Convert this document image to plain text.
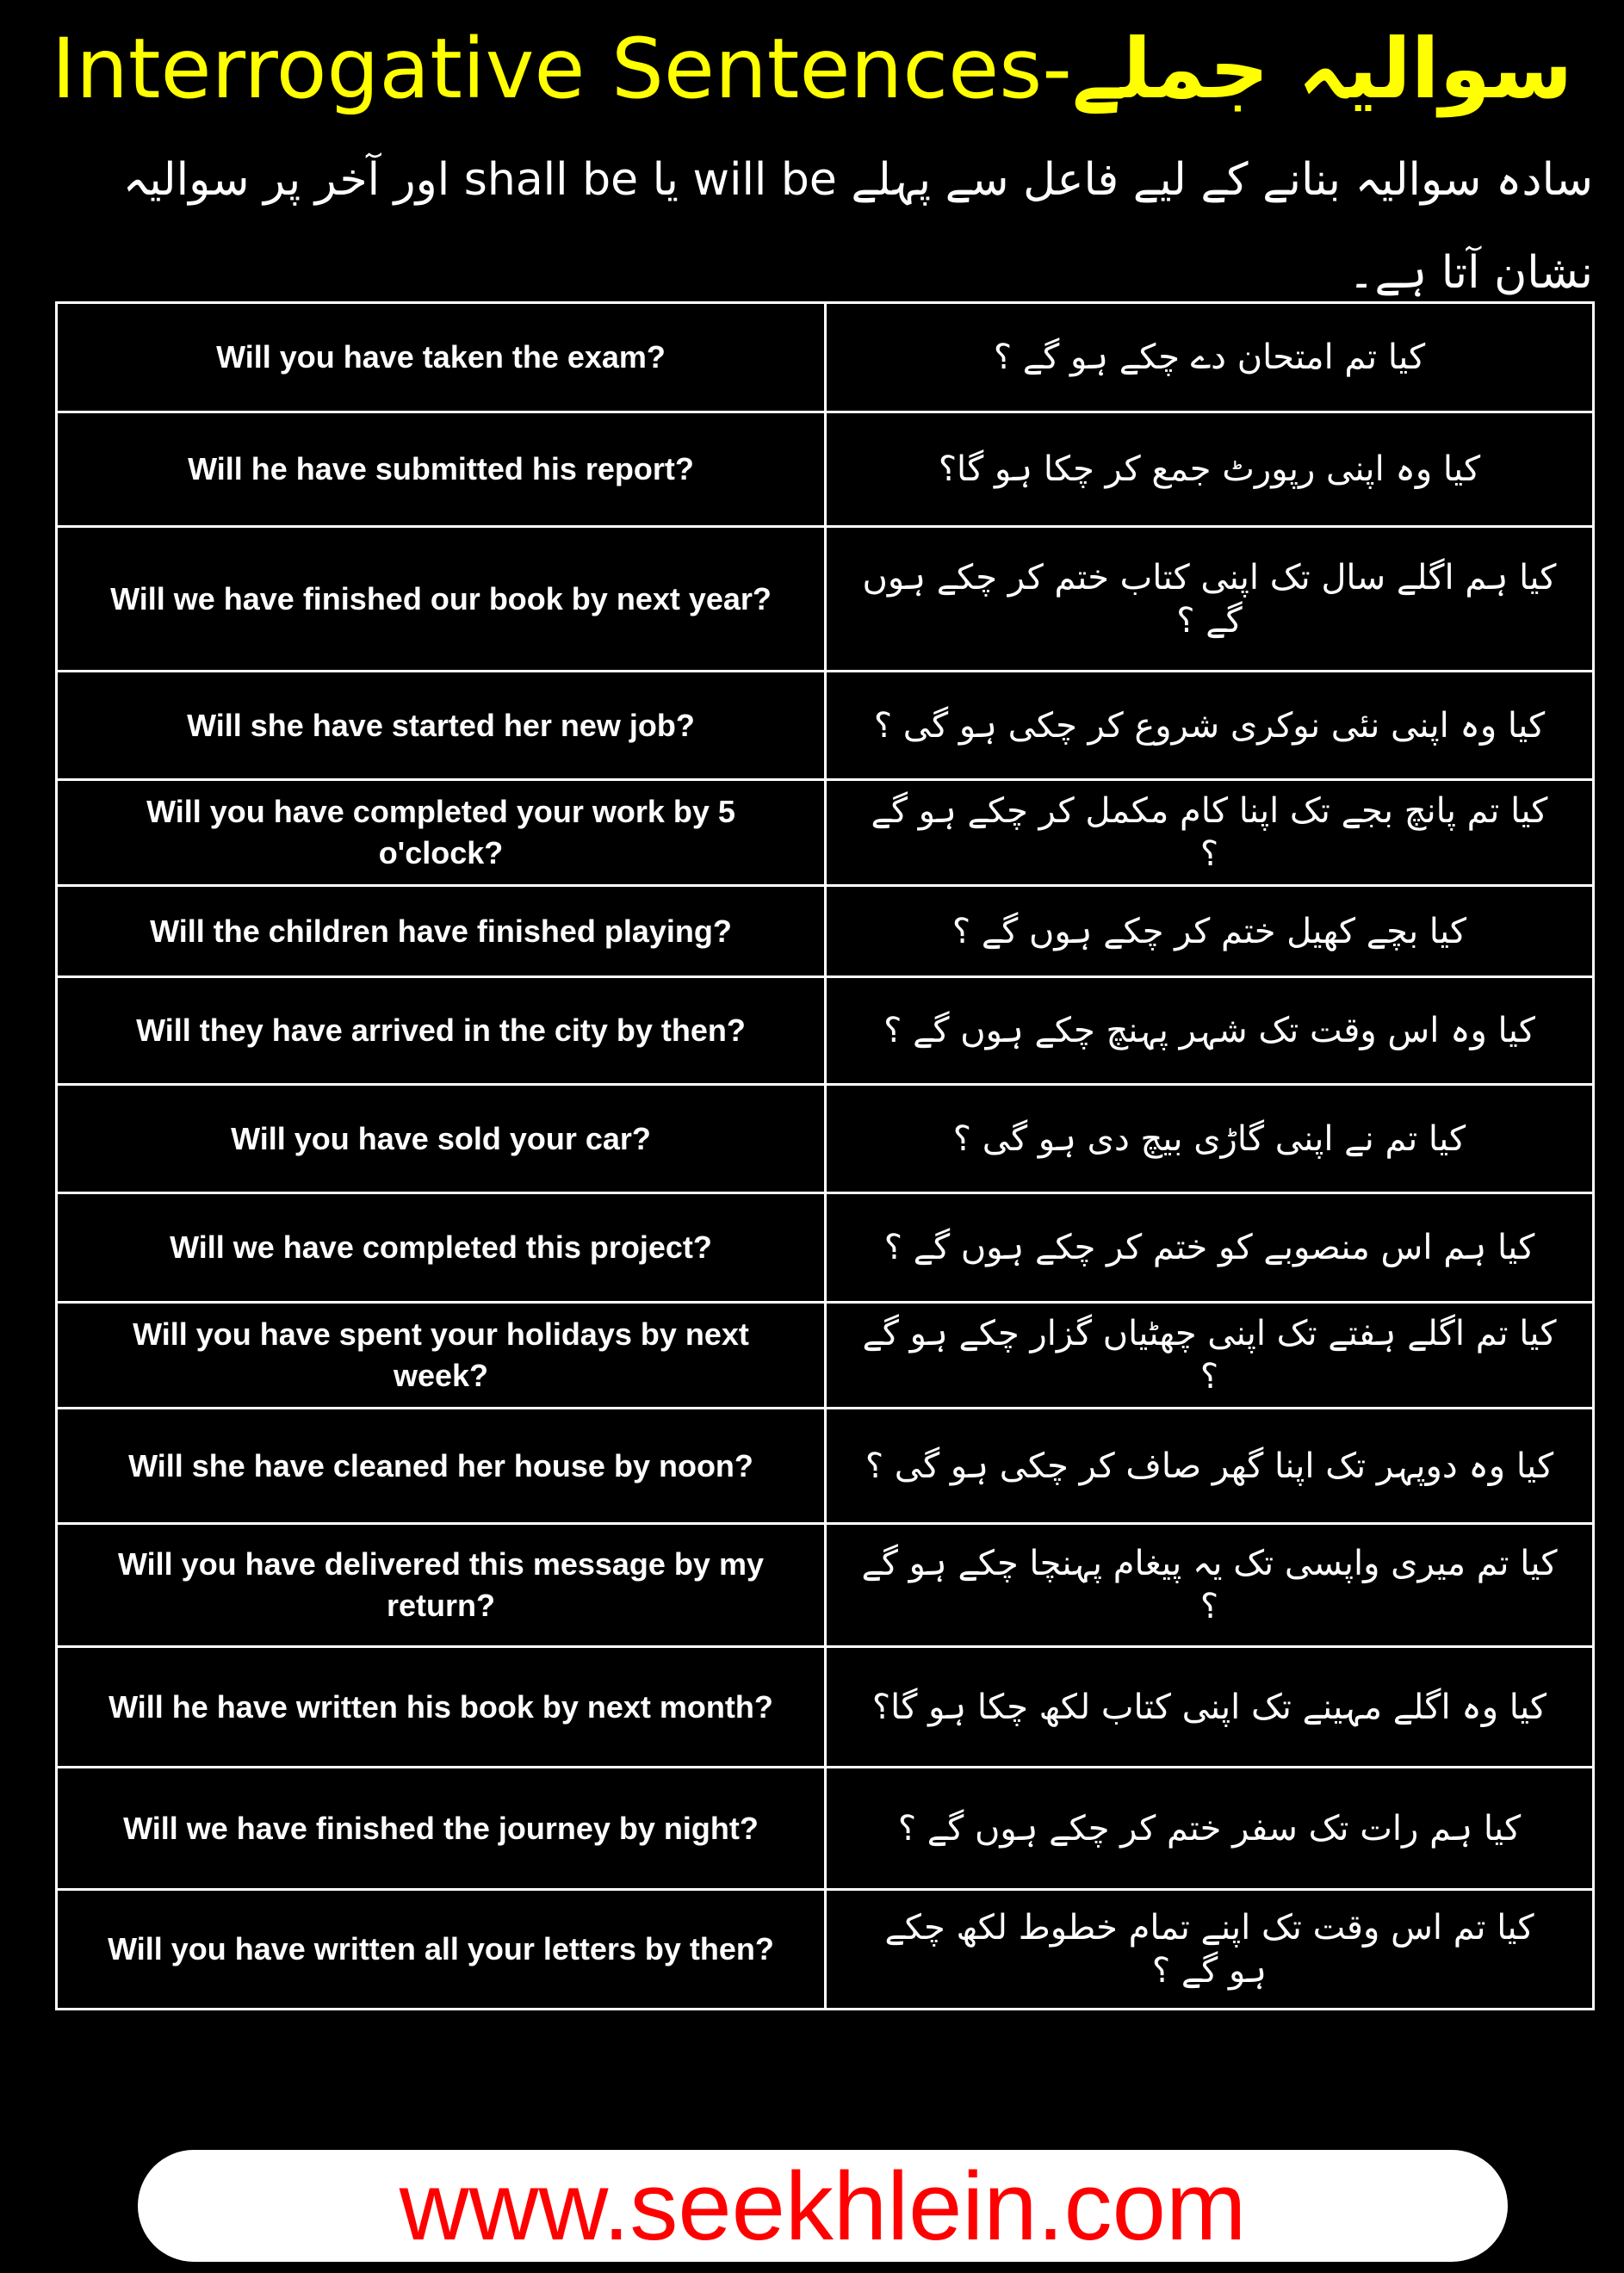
Interrogative Sentences-سوالیہ جملے
سادہ سوالیہ بنانے کے لیے فاعل سے پہلے will be یا shall be اور آخر پر سوالیہ نشان آتا ہے۔
Will you have taken the exam?	کیا تم امتحان دے چکے ہو گے ؟
Will he have submitted his report?	کیا وہ اپنی رپورٹ جمع کر چکا ہو گا؟
Will we have finished our book by next year?	کیا ہم اگلے سال تک اپنی کتاب ختم کر چکے ہوں گے ؟
Will she have started her new job?	کیا وہ اپنی نئی نوکری شروع کر چکی ہو گی ؟
Will you have completed your work by 5 o'clock?	کیا تم پانچ بجے تک اپنا کام مکمل کر چکے ہو گے ؟
Will the children have finished playing?	کیا بچے کھیل ختم کر چکے ہوں گے ؟
Will they have arrived in the city by then?	کیا وہ اس وقت تک شہر پہنچ چکے ہوں گے ؟
Will you have sold your car?	کیا تم نے اپنی گاڑی بیچ دی ہو گی ؟
Will we have completed this project?	کیا ہم اس منصوبے کو ختم کر چکے ہوں گے ؟
Will you have spent your holidays by next week?	کیا تم اگلے ہفتے تک اپنی چھٹیاں گزار چکے ہو گے ؟
Will she have cleaned her house by noon?	کیا وہ دوپہر تک اپنا گھر صاف کر چکی ہو گی ؟
Will you have delivered this message by my return?	کیا تم میری واپسی تک یہ پیغام پہنچا چکے ہو گے ؟
Will he have written his book by next month?	کیا وہ اگلے مہینے تک اپنی کتاب لکھ چکا ہو گا؟
Will we have finished the journey by night?	کیا ہم رات تک سفر ختم کر چکے ہوں گے ؟
Will you have written all your letters by then?	کیا تم اس وقت تک اپنے تمام خطوط لکھ چکے ہو گے ؟
www.seekhlein.com
